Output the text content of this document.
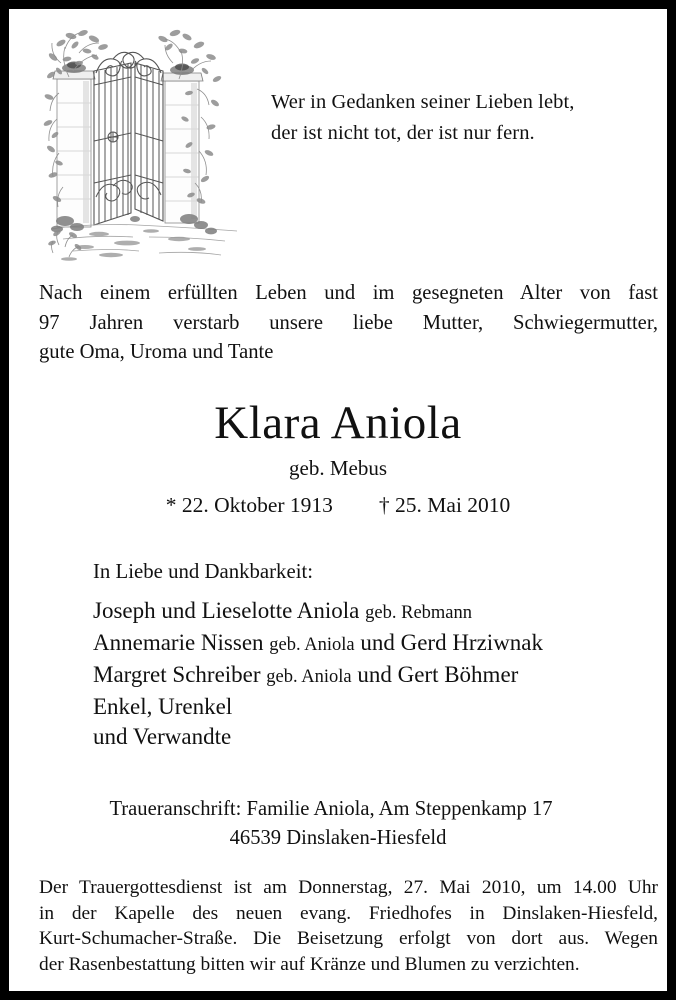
Wer in Gedanken seiner Lieben lebt,
der ist nicht tot, der ist nur fern.
Nach einem erfüllten Leben und im gesegneten Alter von fast
97 Jahren verstarb unsere liebe Mutter, Schwiegermutter,
gute Oma, Uroma und Tante
Klara Aniola
geb. Mebus
* 22. Oktober 1913 † 25. Mai 2010
In Liebe und Dankbarkeit:
Joseph und Lieselotte Aniola geb. Rebmann
Annemarie Nissen geb. Aniola und Gerd Hrziwnak
Margret Schreiber geb. Aniola und Gert Böhmer
Enkel, Urenkel
und Verwandte
Traueranschrift: Familie Aniola, Am Steppenkamp 17
46539 Dinslaken-Hiesfeld
Der Trauergottesdienst ist am Donnerstag, 27. Mai 2010, um 14.00 Uhr
in der Kapelle des neuen evang. Friedhofes in Dinslaken-Hiesfeld,
Kurt-Schumacher-Straße. Die Beisetzung erfolgt von dort aus. Wegen
der Rasenbestattung bitten wir auf Kränze und Blumen zu verzichten.
